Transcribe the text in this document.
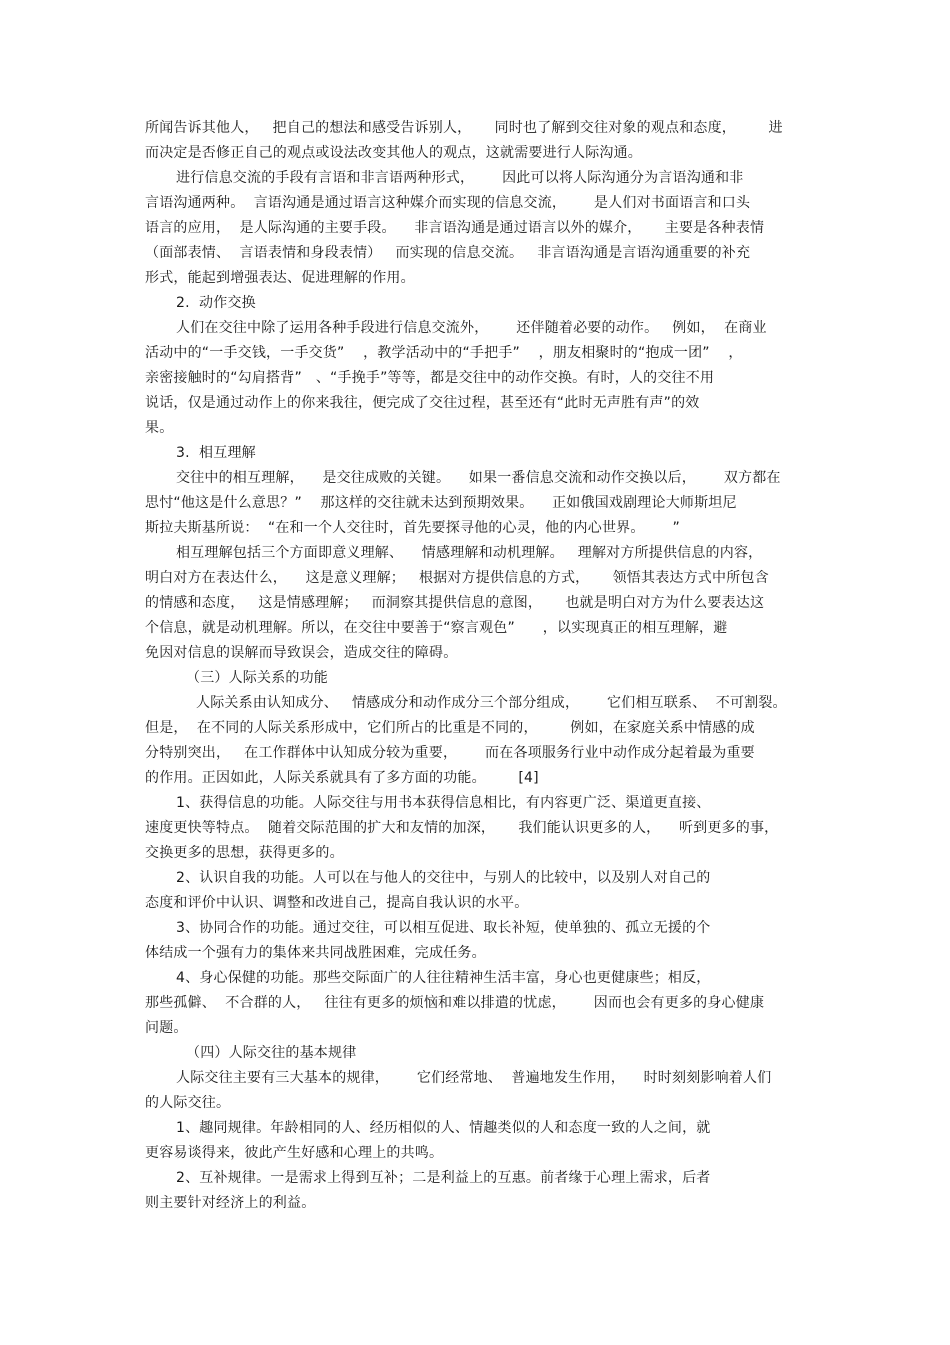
所闻告诉其他人，   把自己的想法和感受告诉别人，     同时也了解到交往对象的观点和态度，       进
而决定是否修正自己的观点或设法改变其他人的观点，这就需要进行人际沟通。
进行信息交流的手段有言语和非言语两种形式，      因此可以将人际沟通分为言语沟通和非
言语沟通两种。  言语沟通是通过语言这种媒介而实现的信息交流，      是人们对书面语言和口头
语言的应用，  是人际沟通的主要手段。    非言语沟通是通过语言以外的媒介，     主要是各种表情
（面部表情、  言语表情和身段表情）   而实现的信息交流。   非言语沟通是言语沟通重要的补充
形式，能起到增强表达、促进理解的作用。
2.  动作交换
人们在交往中除了运用各种手段进行信息交流外，      还伴随着必要的动作。   例如，  在商业
活动中的“一手交钱，一手交货”    ，教学活动中的“手把手”    ，朋友相聚时的“抱成一团”    ，
亲密接触时的“勾肩搭背”   、“手挽手”等等，都是交往中的动作交换。有时，人的交往不用
说话，仅是通过动作上的你来我往，便完成了交往过程，甚至还有“此时无声胜有声”的效
果。
3.  相互理解
交往中的相互理解，    是交往成败的关键。    如果一番信息交流和动作交换以后，      双方都在
思忖“他这是什么意思？”    那这样的交往就未达到预期效果。    正如俄国戏剧理论大师斯坦尼
斯拉夫斯基所说：  “在和一个人交往时，首先要探寻他的心灵，他的内心世界。      ”
相互理解包括三个方面即意义理解、    情感理解和动机理解。   理解对方所提供信息的内容，
明白对方在表达什么，    这是意义理解；   根据对方提供信息的方式，     领悟其表达方式中所包含
的情感和态度，   这是情感理解；   而洞察其提供信息的意图，     也就是明白对方为什么要表达这
个信息，就是动机理解。所以，在交往中要善于“察言观色”      ，以实现真正的相互理解，避
免因对信息的误解而导致误会，造成交往的障碍。
（三）人际关系的功能
人际关系由认知成分、   情感成分和动作成分三个部分组成，      它们相互联系、  不可割裂。
但是，  在不同的人际关系形成中，它们所占的比重是不同的，       例如，在家庭关系中情感的成
分特别突出，   在工作群体中认知成分较为重要，      而在各项服务行业中动作成分起着最为重要
的作用。正因如此，人际关系就具有了多方面的功能。       [4]
1、获得信息的功能。人际交往与用书本获得信息相比，有内容更广泛、渠道更直接、
速度更快等特点。  随着交际范围的扩大和友情的加深，     我们能认识更多的人，    听到更多的事，
交换更多的思想，获得更多的。
2、认识自我的功能。人可以在与他人的交往中，与别人的比较中，以及别人对自己的
态度和评价中认识、调整和改进自己，提高自我认识的水平。
3、协同合作的功能。通过交往，可以相互促进、取长补短，使单独的、孤立无援的个
体结成一个强有力的集体来共同战胜困难，完成任务。
4、身心保健的功能。那些交际面广的人往往精神生活丰富，身心也更健康些；相反，
那些孤僻、  不合群的人，   往往有更多的烦恼和难以排遣的忧虑，      因而也会有更多的身心健康
问题。
（四）人际交往的基本规律
人际交往主要有三大基本的规律，      它们经常地、  普遍地发生作用，    时时刻刻影响着人们
的人际交往。
1、趣同规律。年龄相同的人、经历相似的人、情趣类似的人和态度一致的人之间，就
更容易谈得来，彼此产生好感和心理上的共鸣。
2、互补规律。一是需求上得到互补；二是利益上的互惠。前者缘于心理上需求，后者
则主要针对经济上的利益。
